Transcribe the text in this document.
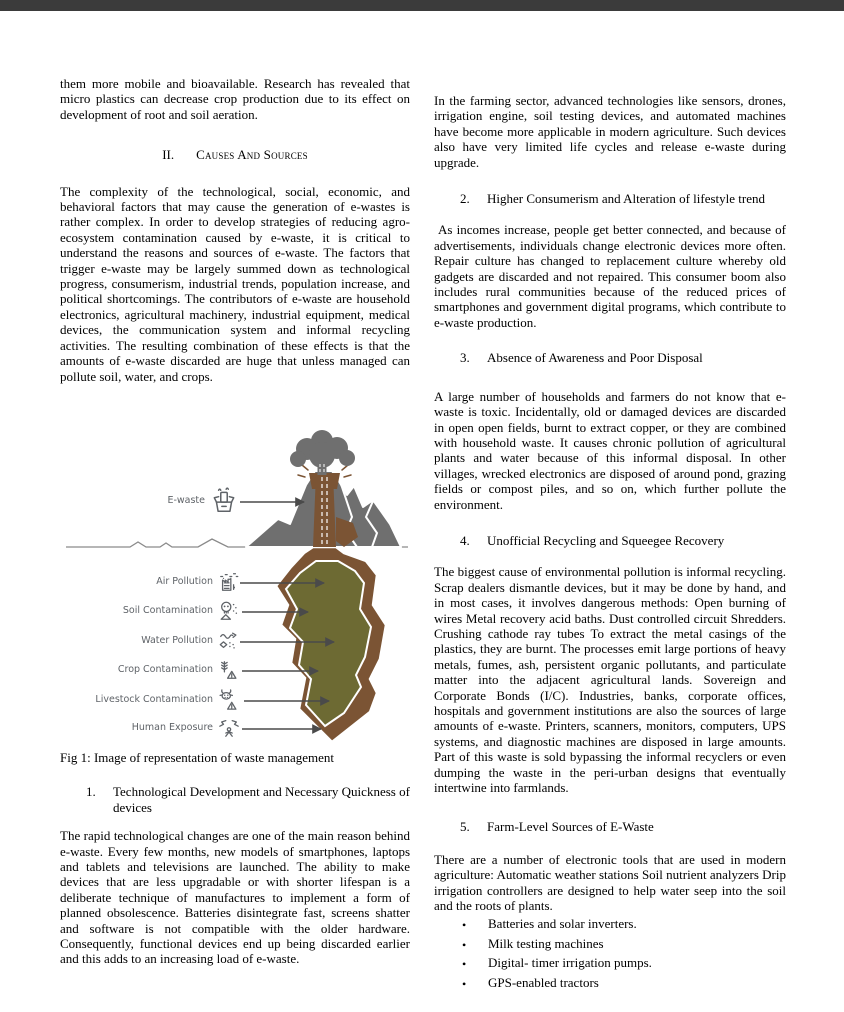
them more mobile and bioavailable. Research has revealed that micro plastics can decrease crop production due to its effect on development of root and soil aeration.

II. Causes And Sources

The complexity of the technological, social, economic, and behavioral factors that may cause the generation of e-wastes is rather complex. In order to develop strategies of reducing agro-ecosystem contamination caused by e-waste, it is critical to understand the reasons and sources of e-waste. The factors that trigger e-waste may be largely summed down as technological progress, consumerism, industrial trends, population increase, and political shortcomings. The contributors of e-waste are household electronics, agricultural machinery, industrial equipment, medical devices, the communication system and informal recycling activities. The resulting combination of these effects is that the amounts of e-waste discarded are huge that unless managed can pollute soil, water, and crops.

E-waste
Air Pollution
Soil Contamination
Water Pollution
Crop Contamination
Livestock Contamination
Human Exposure

Fig 1: Image of representation of waste management

1.	Technological Development and Necessary Quickness of devices

The rapid technological changes are one of the main reason behind e-waste. Every few months, new models of smartphones, laptops and tablets and televisions are launched. The ability to make devices that are less upgradable or with shorter lifespan is a deliberate technique of manufactures to implement a form of planned obsolescence. Batteries disintegrate fast, screens shatter and software is not compatible with the older hardware. Consequently, functional devices end up being discarded earlier and this adds to an increasing load of e-waste.

In the farming sector, advanced technologies like sensors, drones, irrigation engine, soil testing devices, and automated machines have become more applicable in modern agriculture. Such devices also have very limited life cycles and release e-waste during upgrade.

2.	Higher Consumerism and Alteration of lifestyle trend

As incomes increase, people get better connected, and because of advertisements, individuals change electronic devices more often. Repair culture has changed to replacement culture whereby old gadgets are discarded and not repaired. This consumer boom also includes rural communities because of the reduced prices of smartphones and government digital programs, which contribute to e-waste production.

3.	Absence of Awareness and Poor Disposal

A large number of households and farmers do not know that e-waste is toxic. Incidentally, old or damaged devices are discarded in open open fields, burnt to extract copper, or they are combined with household waste. It causes chronic pollution of agricultural plants and water because of this informal disposal. In other villages, wrecked electronics are disposed of around pond, grazing fields or compost piles, and so on, which further pollute the environment.

4.	Unofficial Recycling and Squeegee Recovery

The biggest cause of environmental pollution is informal recycling. Scrap dealers dismantle devices, but it may be done by hand, and in most cases, it involves dangerous methods: Open burning of wires Metal recovery acid baths. Dust controlled circuit Shredders. Crushing cathode ray tubes To extract the metal casings of the plastics, they are burnt. The processes emit large portions of heavy metals, fumes, ash, persistent organic pollutants, and particulate matter into the adjacent agricultural lands. Sovereign and Corporate Bonds (I/C). Industries, banks, corporate offices, hospitals and government institutions are also the sources of large amounts of e-waste. Printers, scanners, monitors, computers, UPS systems, and diagnostic machines are disposed in large amounts. Part of this waste is sold bypassing the informal recyclers or even dumping the waste in the peri-urban designs that eventually intertwine into farmlands.

5.	Farm-Level Sources of E-Waste

There are a number of electronic tools that are used in modern agriculture: Automatic weather stations Soil nutrient analyzers Drip irrigation controllers are designed to help water seep into the soil and the roots of plants.

•	Batteries and solar inverters.
•	Milk testing machines
•	Digital- timer irrigation pumps.
•	GPS-enabled tractors
